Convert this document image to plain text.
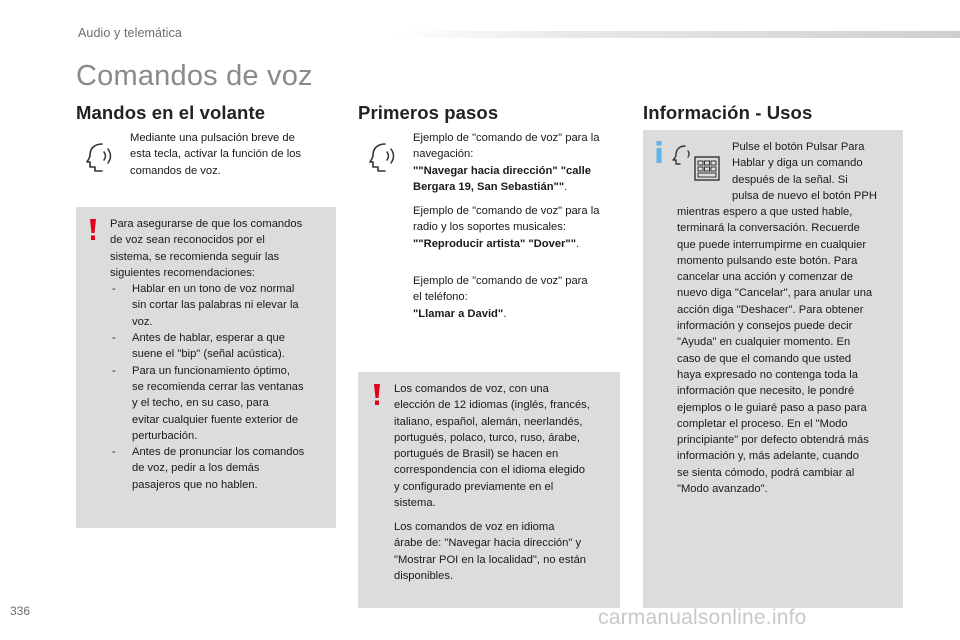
Audio y telemática
Comandos de voz
Mandos en el volante
Mediante una pulsación breve de
esta tecla, activar la función de los
comandos de voz.
Para asegurarse de que los comandos
de voz sean reconocidos por el
sistema, se recomienda seguir las
siguientes recomendaciones:
- Hablar en un tono de voz normal
sin cortar las palabras ni elevar la
voz.
- Antes de hablar, esperar a que
suene el "bip" (señal acústica).
- Para un funcionamiento óptimo,
se recomienda cerrar las ventanas
y el techo, en su caso, para
evitar cualquier fuente exterior de
perturbación.
- Antes de pronunciar los comandos
de voz, pedir a los demás
pasajeros que no hablen.
Primeros pasos
Ejemplo de "comando de voz" para la
navegación:
""Navegar hacia dirección" "calle
Bergara 19, San Sebastián"".
Ejemplo de "comando de voz" para la
radio y los soportes musicales:
""Reproducir artista" "Dover"".
Ejemplo de "comando de voz" para
el teléfono:
"Llamar a David".
Los comandos de voz, con una
elección de 12 idiomas (inglés, francés,
italiano, español, alemán, neerlandés,
portugués, polaco, turco, ruso, árabe,
portugués de Brasil) se hacen en
correspondencia con el idioma elegido
y configurado previamente en el
sistema.
Los comandos de voz en idioma
árabe de: "Navegar hacia dirección" y
"Mostrar POI en la localidad", no están
disponibles.
Información - Usos
Pulse el botón Pulsar Para
Hablar y diga un comando
después de la señal. Si
pulsa de nuevo el botón PPH
mientras espero a que usted hable,
terminará la conversación. Recuerde
que puede interrumpirme en cualquier
momento pulsando este botón. Para
cancelar una acción y comenzar de
nuevo diga "Cancelar", para anular una
acción diga "Deshacer". Para obtener
información y consejos puede decir
"Ayuda" en cualquier momento. En
caso de que el comando que usted
haya expresado no contenga toda la
información que necesito, le pondré
ejemplos o le guiaré paso a paso para
completar el proceso. En el "Modo
principiante" por defecto obtendrá más
información y, más adelante, cuando
se sienta cómodo, podrá cambiar al
"Modo avanzado".
336	carmanualsonline.info
